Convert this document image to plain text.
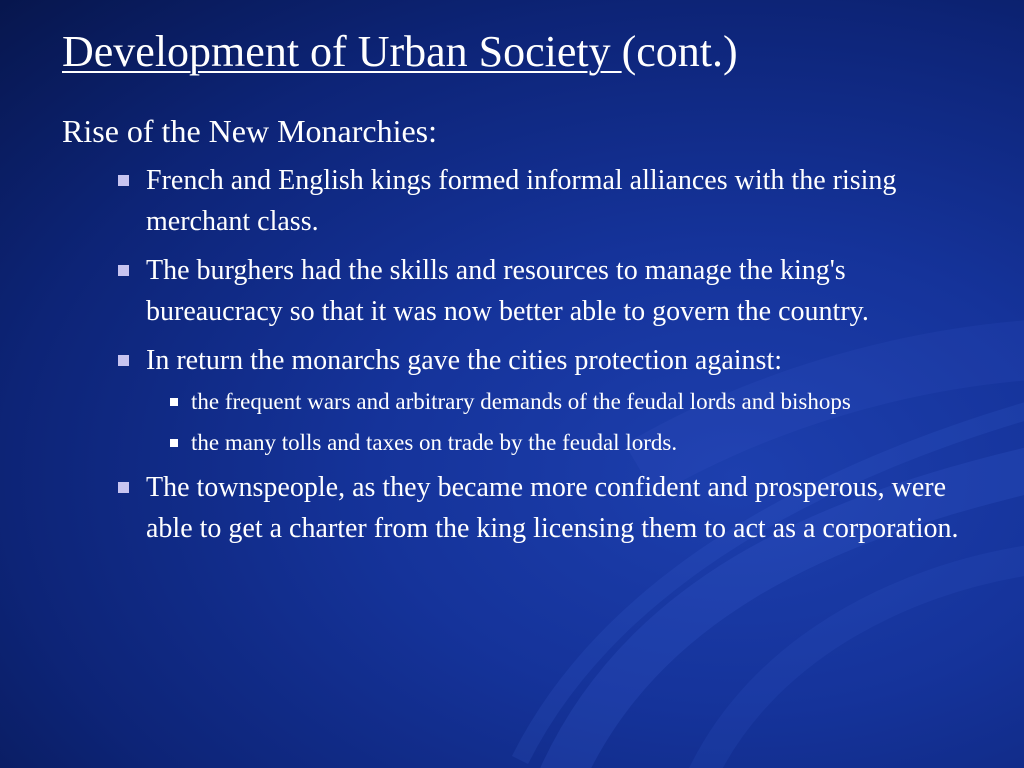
Development of Urban Society (cont.)
Rise of the New Monarchies:
French and English kings formed informal alliances with the rising merchant class.
The burghers had the skills and resources to manage the king's bureaucracy so that it was now better able to govern the country.
In return the monarchs gave the cities protection against:
the frequent wars and arbitrary demands of the feudal lords and bishops
the many tolls and taxes on trade by the feudal lords.
The townspeople, as they became more confident and prosperous, were able to get a charter from the king licensing them to act as a corporation.
